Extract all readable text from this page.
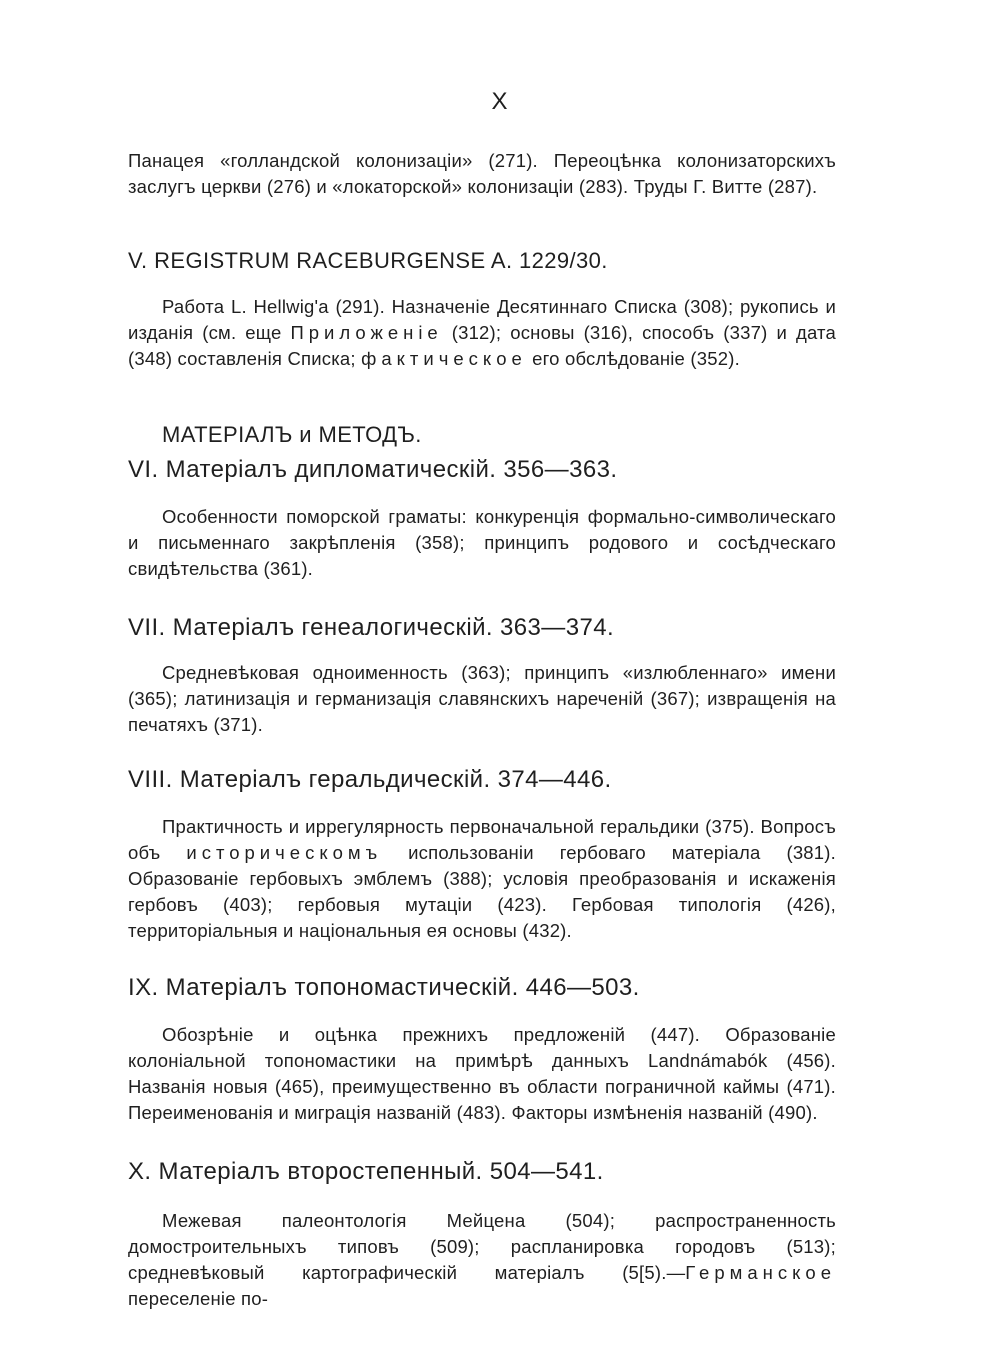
X

Панацея «голландской колонизаціи» (271). Переоцѣнка колонизаторскихъ заслугъ церкви (276) и «локаторской» колонизаціи (283). Труды Г. Витте (287).

V. REGISTRUM RACEBURGENSE A. 1229/30.

Работа L. Hellwig'a (291). Назначеніе Десятиннаго Списка (308); рукопись и изданія (см. еще Приложеніе (312); основы (316), способъ (337) и дата (348) составленія Списка; фактическое его обслѣдованіе (352).

МАТЕРІАЛЪ и МЕТОДЪ.
VI. Матеріалъ дипломатическій. 356—363.

Особенности поморской граматы: конкуренція формально-символическаго и письменнаго закрѣпленія (358); принципъ родового и сосѣдческаго свидѣтельства (361).

VII. Матеріалъ генеалогическій. 363—374.

Средневѣковая одноименность (363); принципъ «излюбленнаго» имени (365); латинизація и германизація славянскихъ нареченій (367); извращенія на печатяхъ (371).

VIII. Матеріалъ геральдическій. 374—446.

Практичность и иррегулярность первоначальной геральдики (375). Вопросъ объ историческомъ использованіи гербоваго матеріала (381). Образованіе гербовыхъ эмблемъ (388); условія преобразованія и искаженія гербовъ (403); гербовыя мутаціи (423). Гербовая типологія (426), территоріальныя и національныя ея основы (432).

IX. Матеріалъ топономастическій. 446—503.

Обозрѣніе и оцѣнка прежнихъ предложеній (447). Образованіе колоніальной топономастики на примѣрѣ данныхъ Landnámabók (456). Названія новыя (465), преимущественно въ области пограничной каймы (471). Переименованія и миграція названій (483). Факторы измѣненія названій (490).

X. Матеріалъ второстепенный. 504—541.

Межевая палеонтологія Мейцена (504); распространенность домостроительныхъ типовъ (509); распланировка городовъ (513); средневѣковый картографическій матеріалъ (5[5).—Германское переселеніе по-
